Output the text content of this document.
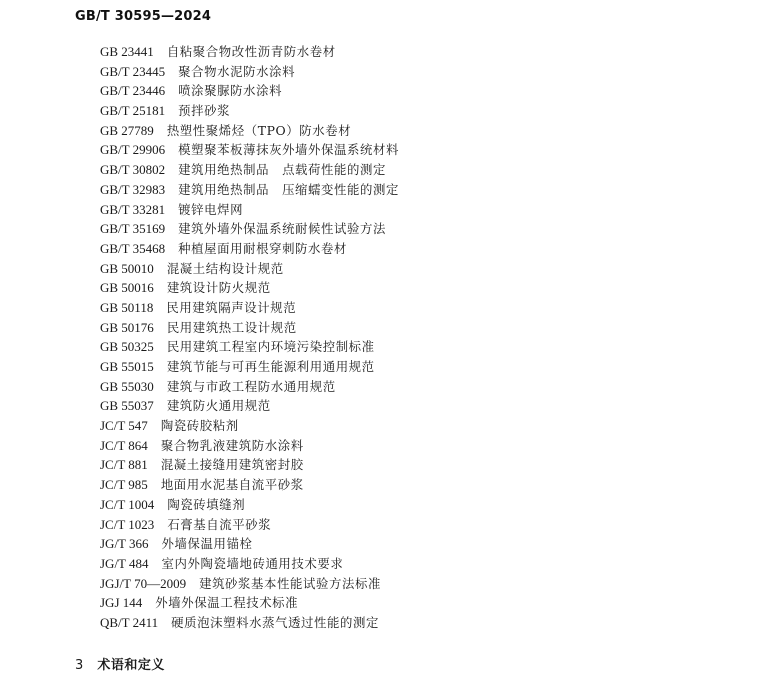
GB/T 30595—2024
GB 23441 自粘聚合物改性沥青防水卷材
GB/T 23445 聚合物水泥防水涂料
GB/T 23446 喷涂聚脲防水涂料
GB/T 25181 预拌砂浆
GB 27789 热塑性聚烯烃（TPO）防水卷材
GB/T 29906 模塑聚苯板薄抹灰外墙外保温系统材料
GB/T 30802 建筑用绝热制品　点载荷性能的测定
GB/T 32983 建筑用绝热制品　压缩蠕变性能的测定
GB/T 33281 镀锌电焊网
GB/T 35169 建筑外墙外保温系统耐候性试验方法
GB/T 35468 种植屋面用耐根穿刺防水卷材
GB 50010 混凝土结构设计规范
GB 50016 建筑设计防火规范
GB 50118 民用建筑隔声设计规范
GB 50176 民用建筑热工设计规范
GB 50325 民用建筑工程室内环境污染控制标准
GB 55015 建筑节能与可再生能源利用通用规范
GB 55030 建筑与市政工程防水通用规范
GB 55037 建筑防火通用规范
JC/T 547 陶瓷砖胶粘剂
JC/T 864 聚合物乳液建筑防水涂料
JC/T 881 混凝土接缝用建筑密封胶
JC/T 985 地面用水泥基自流平砂浆
JC/T 1004 陶瓷砖填缝剂
JC/T 1023 石膏基自流平砂浆
JG/T 366 外墙保温用锚栓
JG/T 484 室内外陶瓷墙地砖通用技术要求
JGJ/T 70—2009 建筑砂浆基本性能试验方法标准
JGJ 144 外墙外保温工程技术标准
QB/T 2411 硬质泡沫塑料水蒸气透过性能的测定
3 术语和定义
